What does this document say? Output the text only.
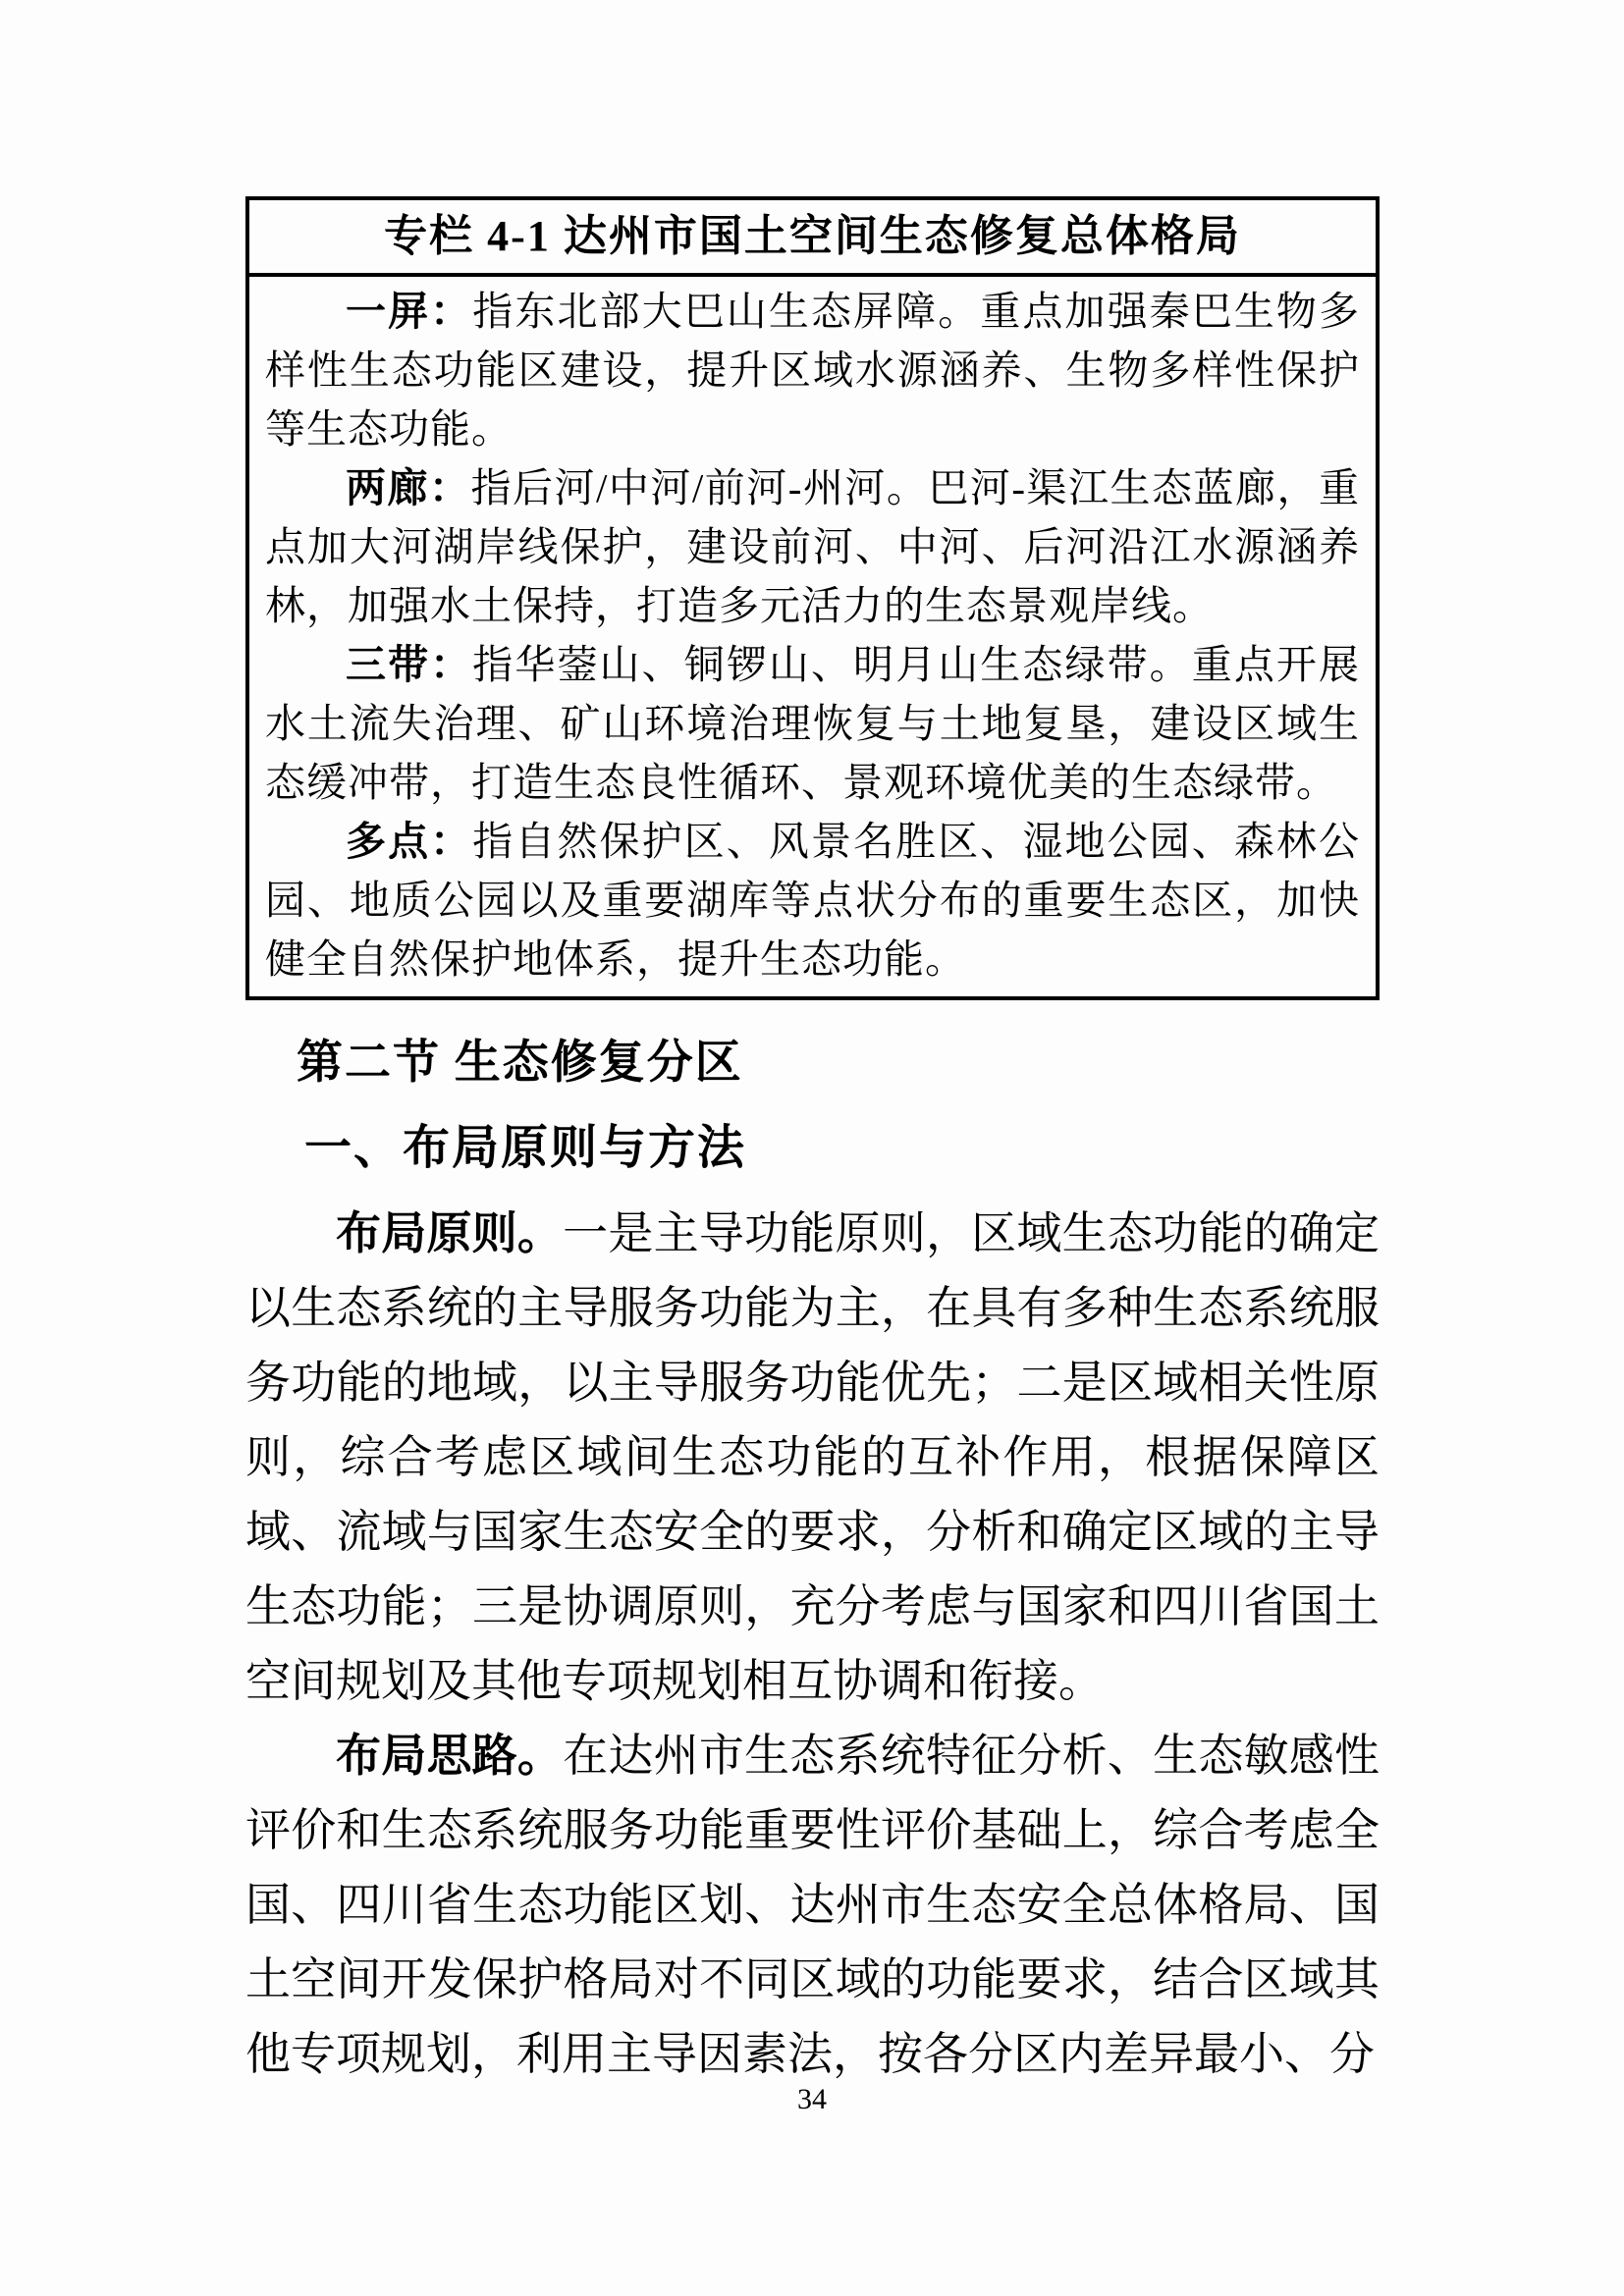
专栏 4-1 达州市国土空间生态修复总体格局

一屏：指东北部大巴山生态屏障。重点加强秦巴生物多样性生态功能区建设，提升区域水源涵养、生物多样性保护等生态功能。

两廊：指后河/中河/前河-州河。巴河-渠江生态蓝廊，重点加大河湖岸线保护，建设前河、中河、后河沿江水源涵养林，加强水土保持，打造多元活力的生态景观岸线。

三带：指华蓥山、铜锣山、明月山生态绿带。重点开展水土流失治理、矿山环境治理恢复与土地复垦，建设区域生态缓冲带，打造生态良性循环、景观环境优美的生态绿带。

多点：指自然保护区、风景名胜区、湿地公园、森林公园、地质公园以及重要湖库等点状分布的重要生态区，加快健全自然保护地体系，提升生态功能。

第二节 生态修复分区
一、布局原则与方法

布局原则。一是主导功能原则，区域生态功能的确定以生态系统的主导服务功能为主，在具有多种生态系统服务功能的地域，以主导服务功能优先；二是区域相关性原则，综合考虑区域间生态功能的互补作用，根据保障区域、流域与国家生态安全的要求，分析和确定区域的主导生态功能；三是协调原则，充分考虑与国家和四川省国土空间规划及其他专项规划相互协调和衔接。

布局思路。在达州市生态系统特征分析、生态敏感性评价和生态系统服务功能重要性评价基础上，综合考虑全国、四川省生态功能区划、达州市生态安全总体格局、国土空间开发保护格局对不同区域的功能要求，结合区域其他专项规划，利用主导因素法，按各分区内差异最小、分

34
